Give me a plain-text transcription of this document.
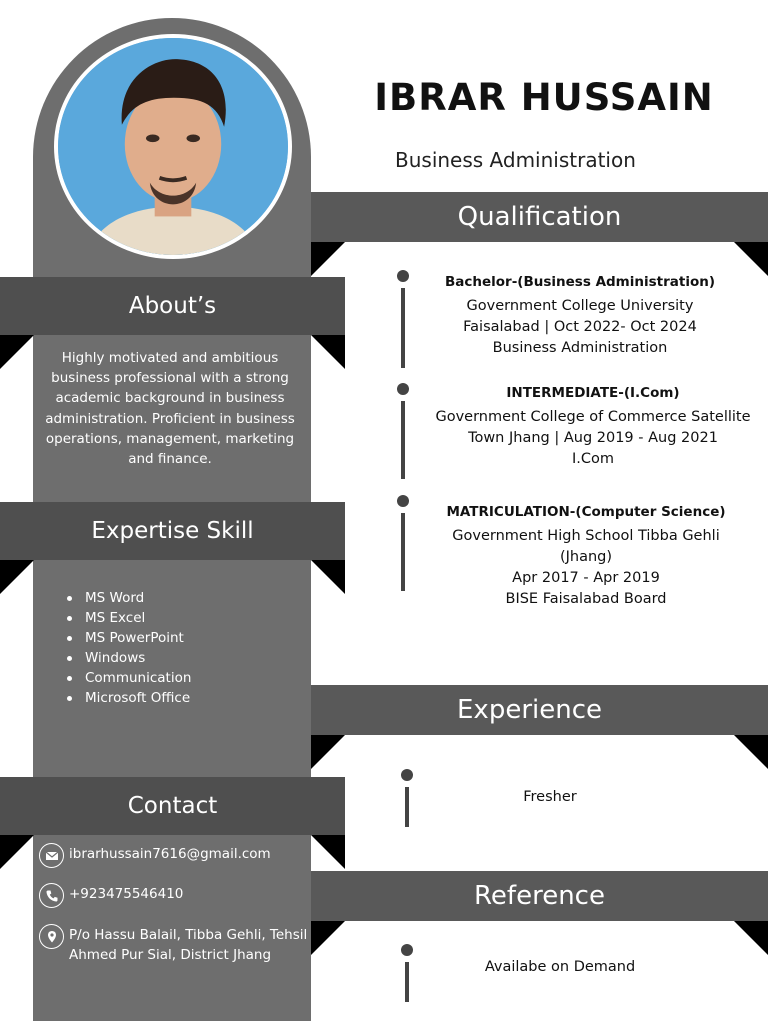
About’s
Highly motivated and ambitious business professional with a strong academic background in business administration. Proficient in business operations, management, marketing and finance.
Expertise Skill
MS Word
MS Excel
MS PowerPoint
Windows
Communication
Microsoft Office
Contact
ibrarhussain7616@gmail.com
+923475546410
P/o Hassu Balail, Tibba Gehli, Tehsil Ahmed Pur Sial, District Jhang
IBRAR HUSSAIN
Business Administration
Qualification
Bachelor-(Business Administration)
Government College University
Faisalabad | Oct 2022- Oct 2024
Business Administration
INTERMEDIATE-(I.Com)
Government College of Commerce Satellite
Town Jhang | Aug 2019 - Aug 2021
I.Com
MATRICULATION-(Computer Science)
Government High School Tibba Gehli
(Jhang)
Apr 2017 - Apr 2019
BISE Faisalabad Board
Experience
Fresher
Reference
Availabe on Demand
